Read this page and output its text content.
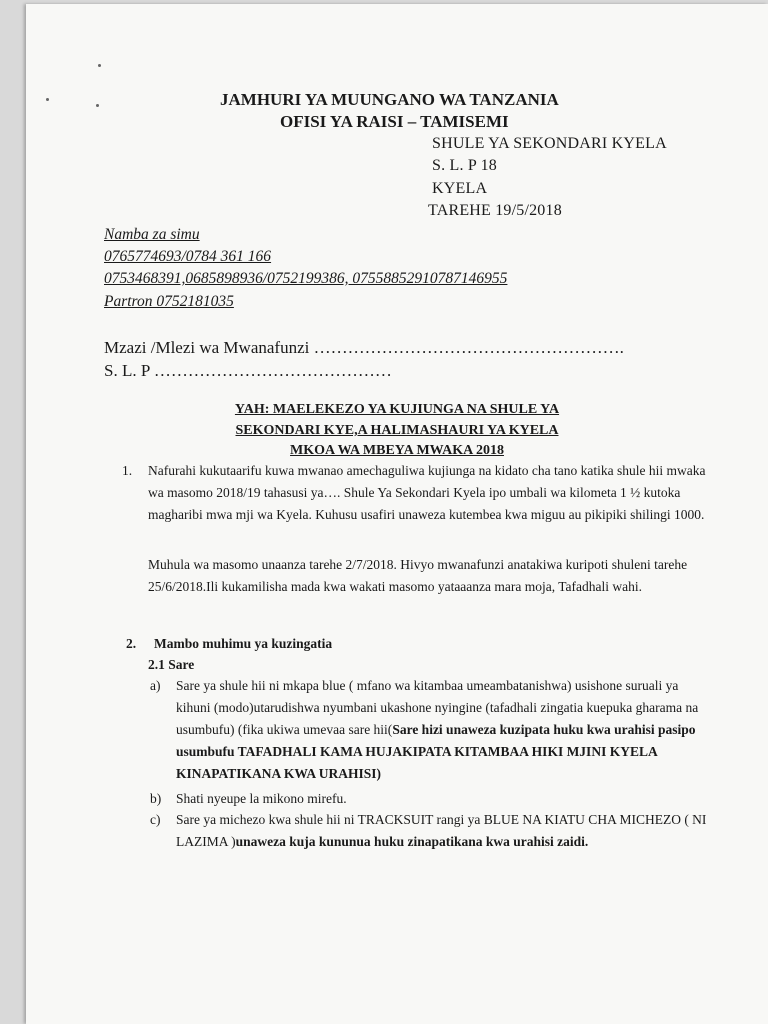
JAMHURI YA MUUNGANO WA TANZANIA
OFISI YA RAISI – TAMISEMI
SHULE YA SEKONDARI KYELA
S. L. P 18
KYELA
TAREHE 19/5/2018
Namba za simu
0765774693/0784 361 166
0753468391,0685898936/0752199386, 07558852910787146955
Partron 0752181035
Mzazi /Mlezi wa Mwanafunzi ……………………………………………….
S. L. P ……………………………………
YAH: MAELEKEZO YA KUJIUNGA NA SHULE YA
SEKONDARI KYE,A HALIMASHAURI YA KYELA
MKOA WA MBEYA MWAKA 2018
1. Nafurahi kukutaarifu kuwa mwanao amechaguliwa kujiunga na kidato cha tano katika shule hii mwaka wa masomo 2018/19 tahasusi ya…. Shule Ya Sekondari Kyela ipo umbali wa kilometa 1 ½ kutoka magharibi mwa mji wa Kyela. Kuhusu usafiri unaweza kutembea kwa miguu au pikipiki shilingi 1000.
Muhula wa masomo unaanza tarehe 2/7/2018. Hivyo mwanafunzi anatakiwa kuripoti shuleni tarehe 25/6/2018.Ili kukamilisha mada kwa wakati masomo yataaanza mara moja, Tafadhali wahi.
2. Mambo muhimu ya kuzingatia
2.1 Sare
a) Sare ya shule hii ni mkapa blue ( mfano wa kitambaa umeambatanishwa) usishone suruali ya kihuni (modo)utarudishwa nyumbani ukashone nyingine (tafadhali zingatia kuepuka gharama na usumbufu) (fika ukiwa umevaa sare hii(Sare hizi unaweza kuzipata huku kwa urahisi pasipo usumbufu TAFADHALI KAMA HUJAKIPATA KITAMBAA HIKI MJINI KYELA KINAPATIKANA KWA URAHISI)
b) Shati nyeupe la mikono mirefu.
c) Sare ya michezo kwa shule hii ni TRACKSUIT rangi ya BLUE NA KIATU CHA MICHEZO ( NI LAZIMA )unaweza kuja kununua huku zinapatikana kwa urahisi zaidi.
